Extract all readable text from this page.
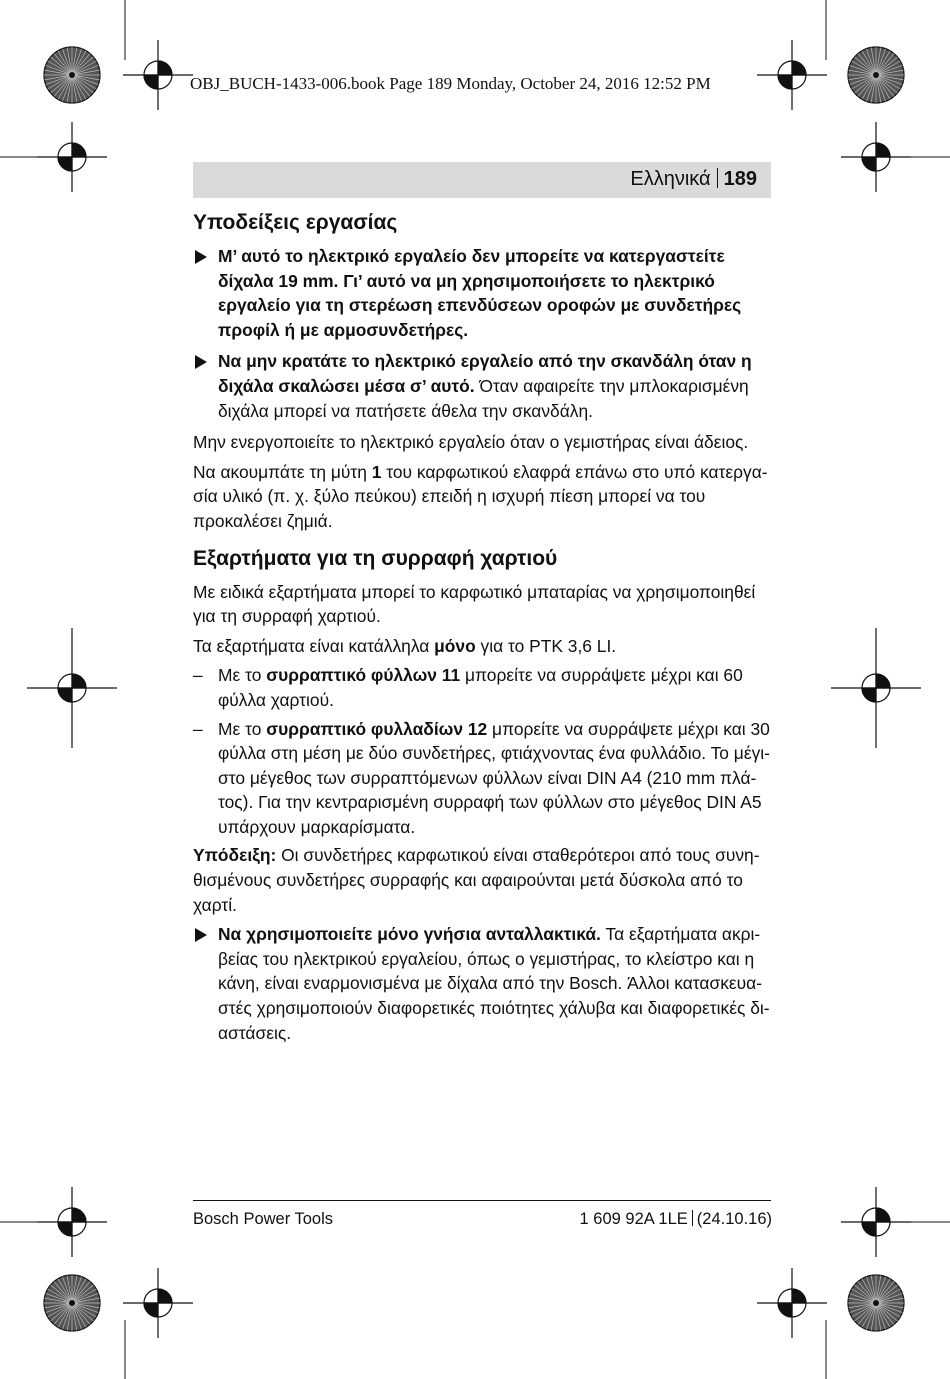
OBJ_BUCH-1433-006.book Page 189 Monday, October 24, 2016 12:52 PM
Ελληνικά 189
Υποδείξεις εργασίας
Μ’ αυτό το ηλεκτρικό εργαλείο δεν μπορείτε να κατεργαστείτε δίχαλα 19 mm. Γι’ αυτό να μη χρησιμοποιήσετε το ηλεκτρικό εργαλείο για τη στερέωση επενδύσεων οροφών με συνδετήρες προφίλ ή με αρμοσυνδετήρες.
Να μην κρατάτε το ηλεκτρικό εργαλείο από την σκανδάλη όταν η διχάλα σκαλώσει μέσα σ’ αυτό. Όταν αφαιρείτε την μπλοκαρισμένη διχάλα μπορεί να πατήσετε άθελα την σκανδάλη.

Μην ενεργοποιείτε το ηλεκτρικό εργαλείο όταν ο γεμιστήρας είναι άδειος.

Να ακουμπάτε τη μύτη 1 του καρφωτικού ελαφρά επάνω στο υπό κατεργασία υλικό (π. χ. ξύλο πεύκου) επειδή η ισχυρή πίεση μπορεί να του προκαλέσει ζημιά.

Εξαρτήματα για τη συρραφή χαρτιού

Με ειδικά εξαρτήματα μπορεί το καρφωτικό μπαταρίας να χρησιμοποιηθεί για τη συρραφή χαρτιού.

Τα εξαρτήματα είναι κατάλληλα μόνο για το PTK 3,6 LI.

– Με το συρραπτικό φύλλων 11 μπορείτε να συρράψετε μέχρι και 60 φύλλα χαρτιού.
– Με το συρραπτικό φυλλαδίων 12 μπορείτε να συρράψετε μέχρι και 30 φύλλα στη μέση με δύο συνδετήρες, φτιάχνοντας ένα φυλλάδιο. Το μέγιστο μέγεθος των συρραπτόμενων φύλλων είναι DIN A4 (210 mm πλάτος). Για την κεντραρισμένη συρραφή των φύλλων στο μέγεθος DIN A5 υπάρχουν μαρκαρίσματα.

Υπόδειξη: Οι συνδετήρες καρφωτικού είναι σταθερότεροι από τους συνηθισμένους συνδετήρες συρραφής και αφαιρούνται μετά δύσκολα από το χαρτί.

Να χρησιμοποιείτε μόνο γνήσια ανταλλακτικά. Τα εξαρτήματα ακριβείας του ηλεκτρικού εργαλείου, όπως ο γεμιστήρας, το κλείστρο και η κάνη, είναι εναρμονισμένα με δίχαλα από την Bosch. Άλλοι κατασκευαστές χρησιμοποιούν διαφορετικές ποιότητες χάλυβα και διαφορετικές διαστάσεις.
Bosch Power Tools	1 609 92A 1LE (24.10.16)
